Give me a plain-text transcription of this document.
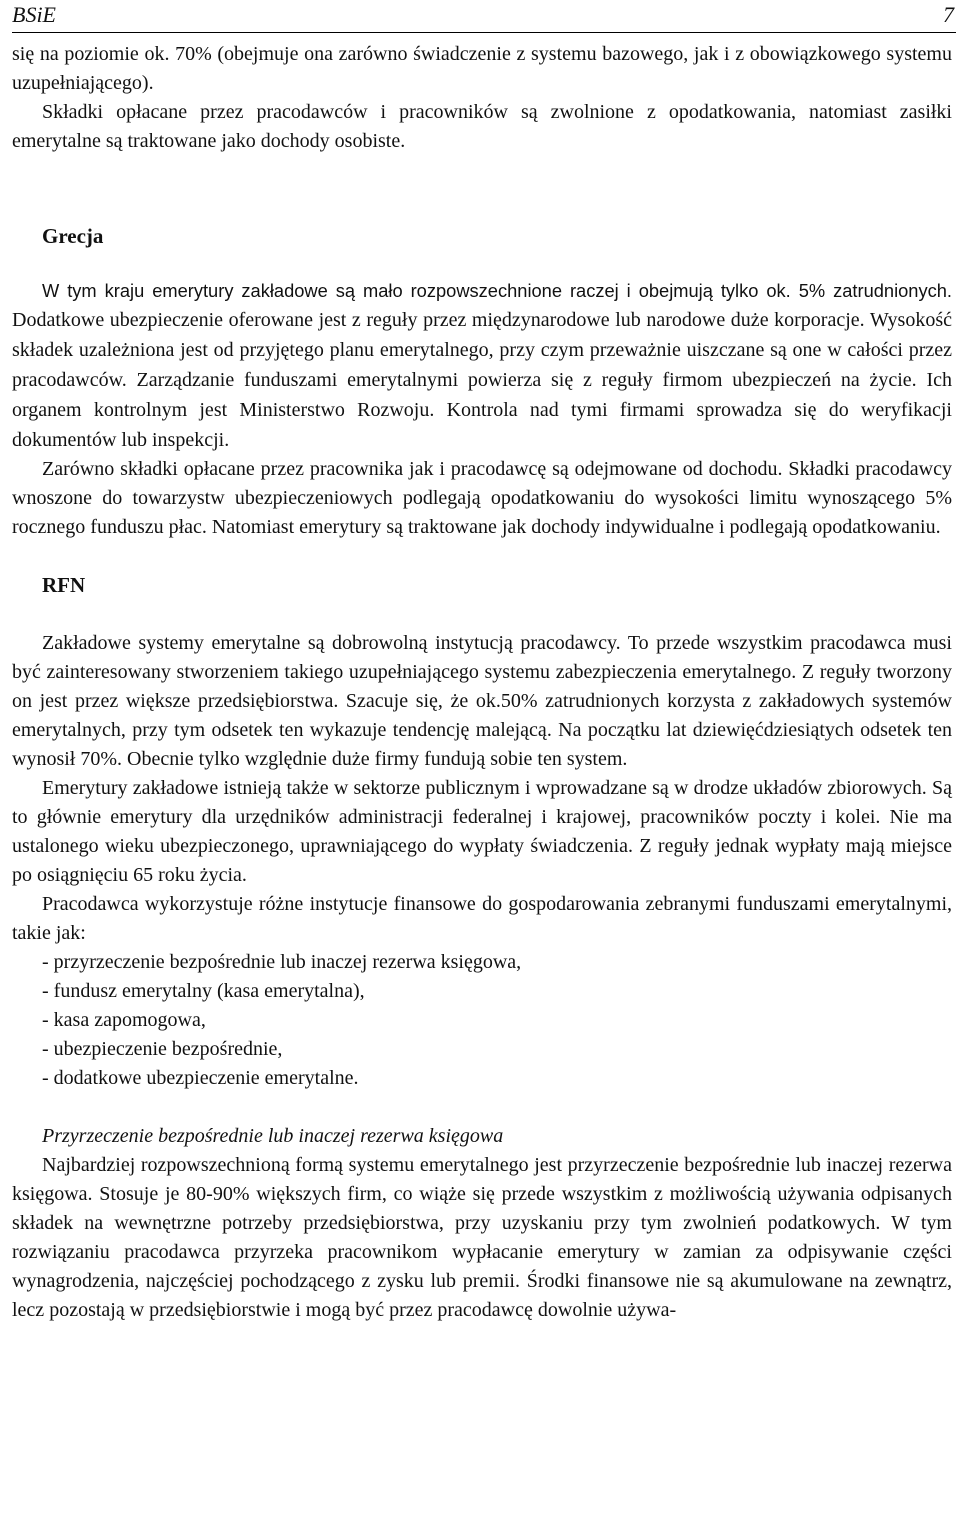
BSiE	7

się na poziomie ok. 70% (obejmuje ona zarówno świadczenie z systemu bazowego, jak i z obowiązkowego systemu uzupełniającego).

Składki opłacane przez pracodawców i pracowników są zwolnione z opodatkowania, natomiast zasiłki emerytalne są traktowane jako dochody osobiste.

Grecja

W tym kraju emerytury zakładowe są mało rozpowszechnione raczej i obejmują tylko ok. 5% zatrudnionych. Dodatkowe ubezpieczenie oferowane jest z reguły przez międzynarodowe lub narodowe duże korporacje. Wysokość składek uzależniona jest od przyjętego planu emerytalnego, przy czym przeważnie uiszczane są one w całości przez pracodawców. Zarządzanie funduszami emerytalnymi powierza się z reguły firmom ubezpieczeń na życie. Ich organem kontrolnym jest Ministerstwo Rozwoju. Kontrola nad tymi firmami sprowadza się do weryfikacji dokumentów lub inspekcji.

Zarówno składki opłacane przez pracownika jak i pracodawcę są odejmowane od dochodu. Składki pracodawcy wnoszone do towarzystw ubezpieczeniowych podlegają opodatkowaniu do wysokości limitu wynoszącego 5% rocznego funduszu płac. Natomiast emerytury są traktowane jak dochody indywidualne i podlegają opodatkowaniu.

RFN

Zakładowe systemy emerytalne są dobrowolną instytucją pracodawcy. To przede wszystkim pracodawca musi być zainteresowany stworzeniem takiego uzupełniającego systemu zabezpieczenia emerytalnego. Z reguły tworzony on jest przez większe przedsiębiorstwa. Szacuje się, że ok.50% zatrudnionych korzysta z zakładowych systemów emerytalnych, przy tym odsetek ten wykazuje tendencję malejącą. Na początku lat dziewięćdziesiątych odsetek ten wynosił 70%. Obecnie tylko względnie duże firmy fundują sobie ten system.

Emerytury zakładowe istnieją także w sektorze publicznym i wprowadzane są w drodze układów zbiorowych. Są to głównie emerytury dla urzędników administracji federalnej i krajowej, pracowników poczty i kolei. Nie ma ustalonego wieku ubezpieczonego, uprawniającego do wypłaty świadczenia. Z reguły jednak wypłaty mają miejsce po osiągnięciu 65 roku życia.

Pracodawca wykorzystuje różne instytucje finansowe do gospodarowania zebranymi funduszami emerytalnymi, takie jak:

- przyrzeczenie bezpośrednie lub inaczej rezerwa księgowa,
- fundusz emerytalny (kasa emerytalna),
- kasa zapomogowa,
- ubezpieczenie bezpośrednie,
- dodatkowe ubezpieczenie emerytalne.

Przyrzeczenie bezpośrednie lub inaczej rezerwa księgowa

Najbardziej rozpowszechnioną formą systemu emerytalnego jest przyrzeczenie bezpośrednie lub inaczej rezerwa księgowa. Stosuje je 80-90% większych firm, co wiąże się przede wszystkim z możliwością używania odpisanych składek na wewnętrzne potrzeby przedsiębiorstwa, przy uzyskaniu przy tym zwolnień podatkowych. W tym rozwiązaniu pracodawca przyrzeka pracownikom wypłacanie emerytury w zamian za odpisywanie części wynagrodzenia, najczęściej pochodzącego z zysku lub premii. Środki finansowe nie są akumulowane na zewnątrz, lecz pozostają w przedsiębiorstwie i mogą być przez pracodawcę dowolnie używa-
